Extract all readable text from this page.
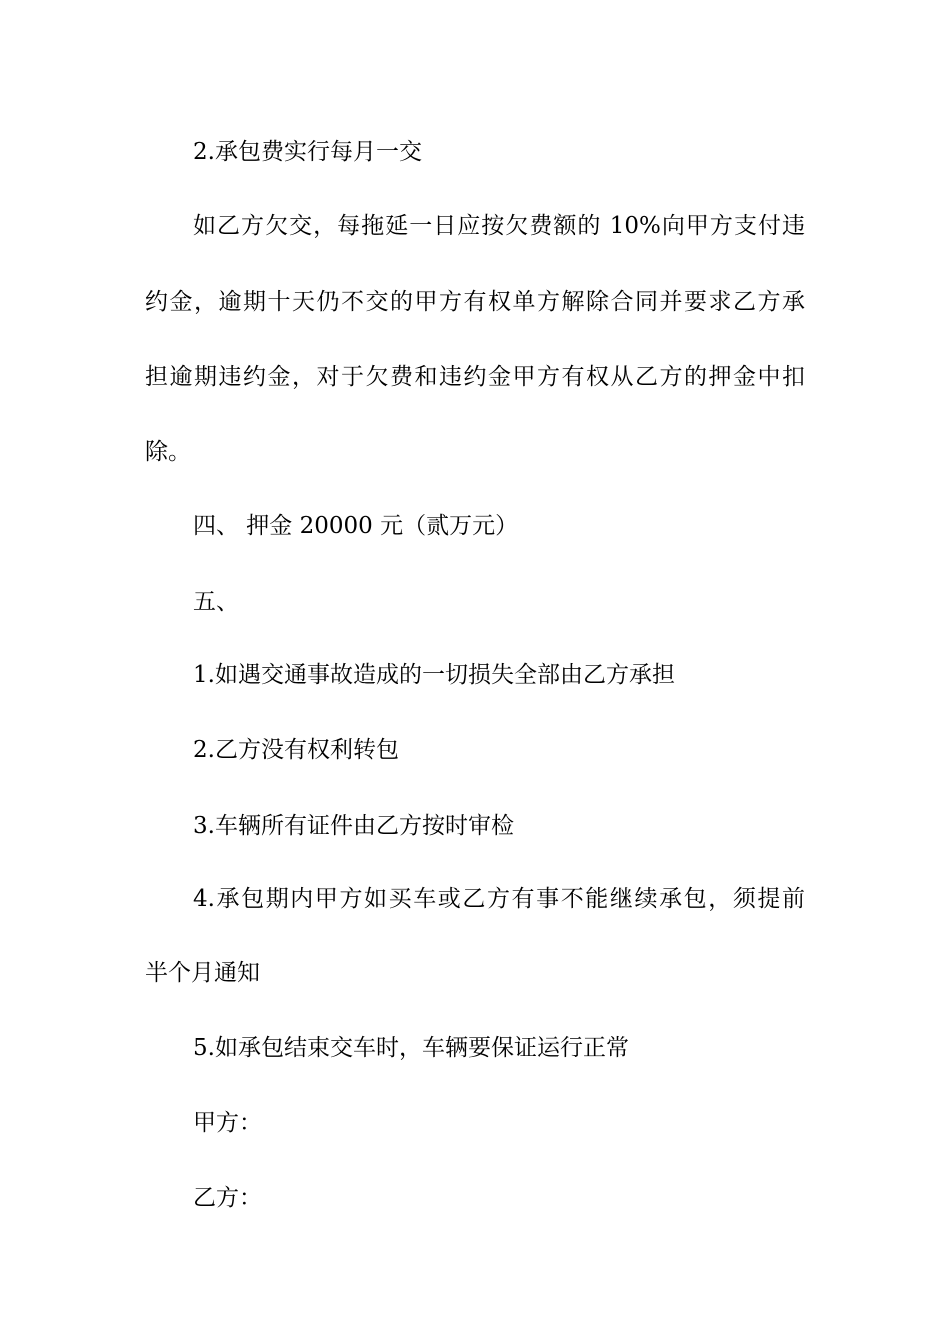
2.承包费实行每月一交
如乙方欠交，每拖延一日应按欠费额的 10%向甲方支付违
约金，逾期十天仍不交的甲方有权单方解除合同并要求乙方承
担逾期违约金，对于欠费和违约金甲方有权从乙方的押金中扣
除。
四、 押金 20000 元（贰万元）
五、
1.如遇交通事故造成的一切损失全部由乙方承担
2.乙方没有权利转包
3.车辆所有证件由乙方按时审检
4.承包期内甲方如买车或乙方有事不能继续承包，须提前
半个月通知
5.如承包结束交车时，车辆要保证运行正常
甲方：
乙方：
